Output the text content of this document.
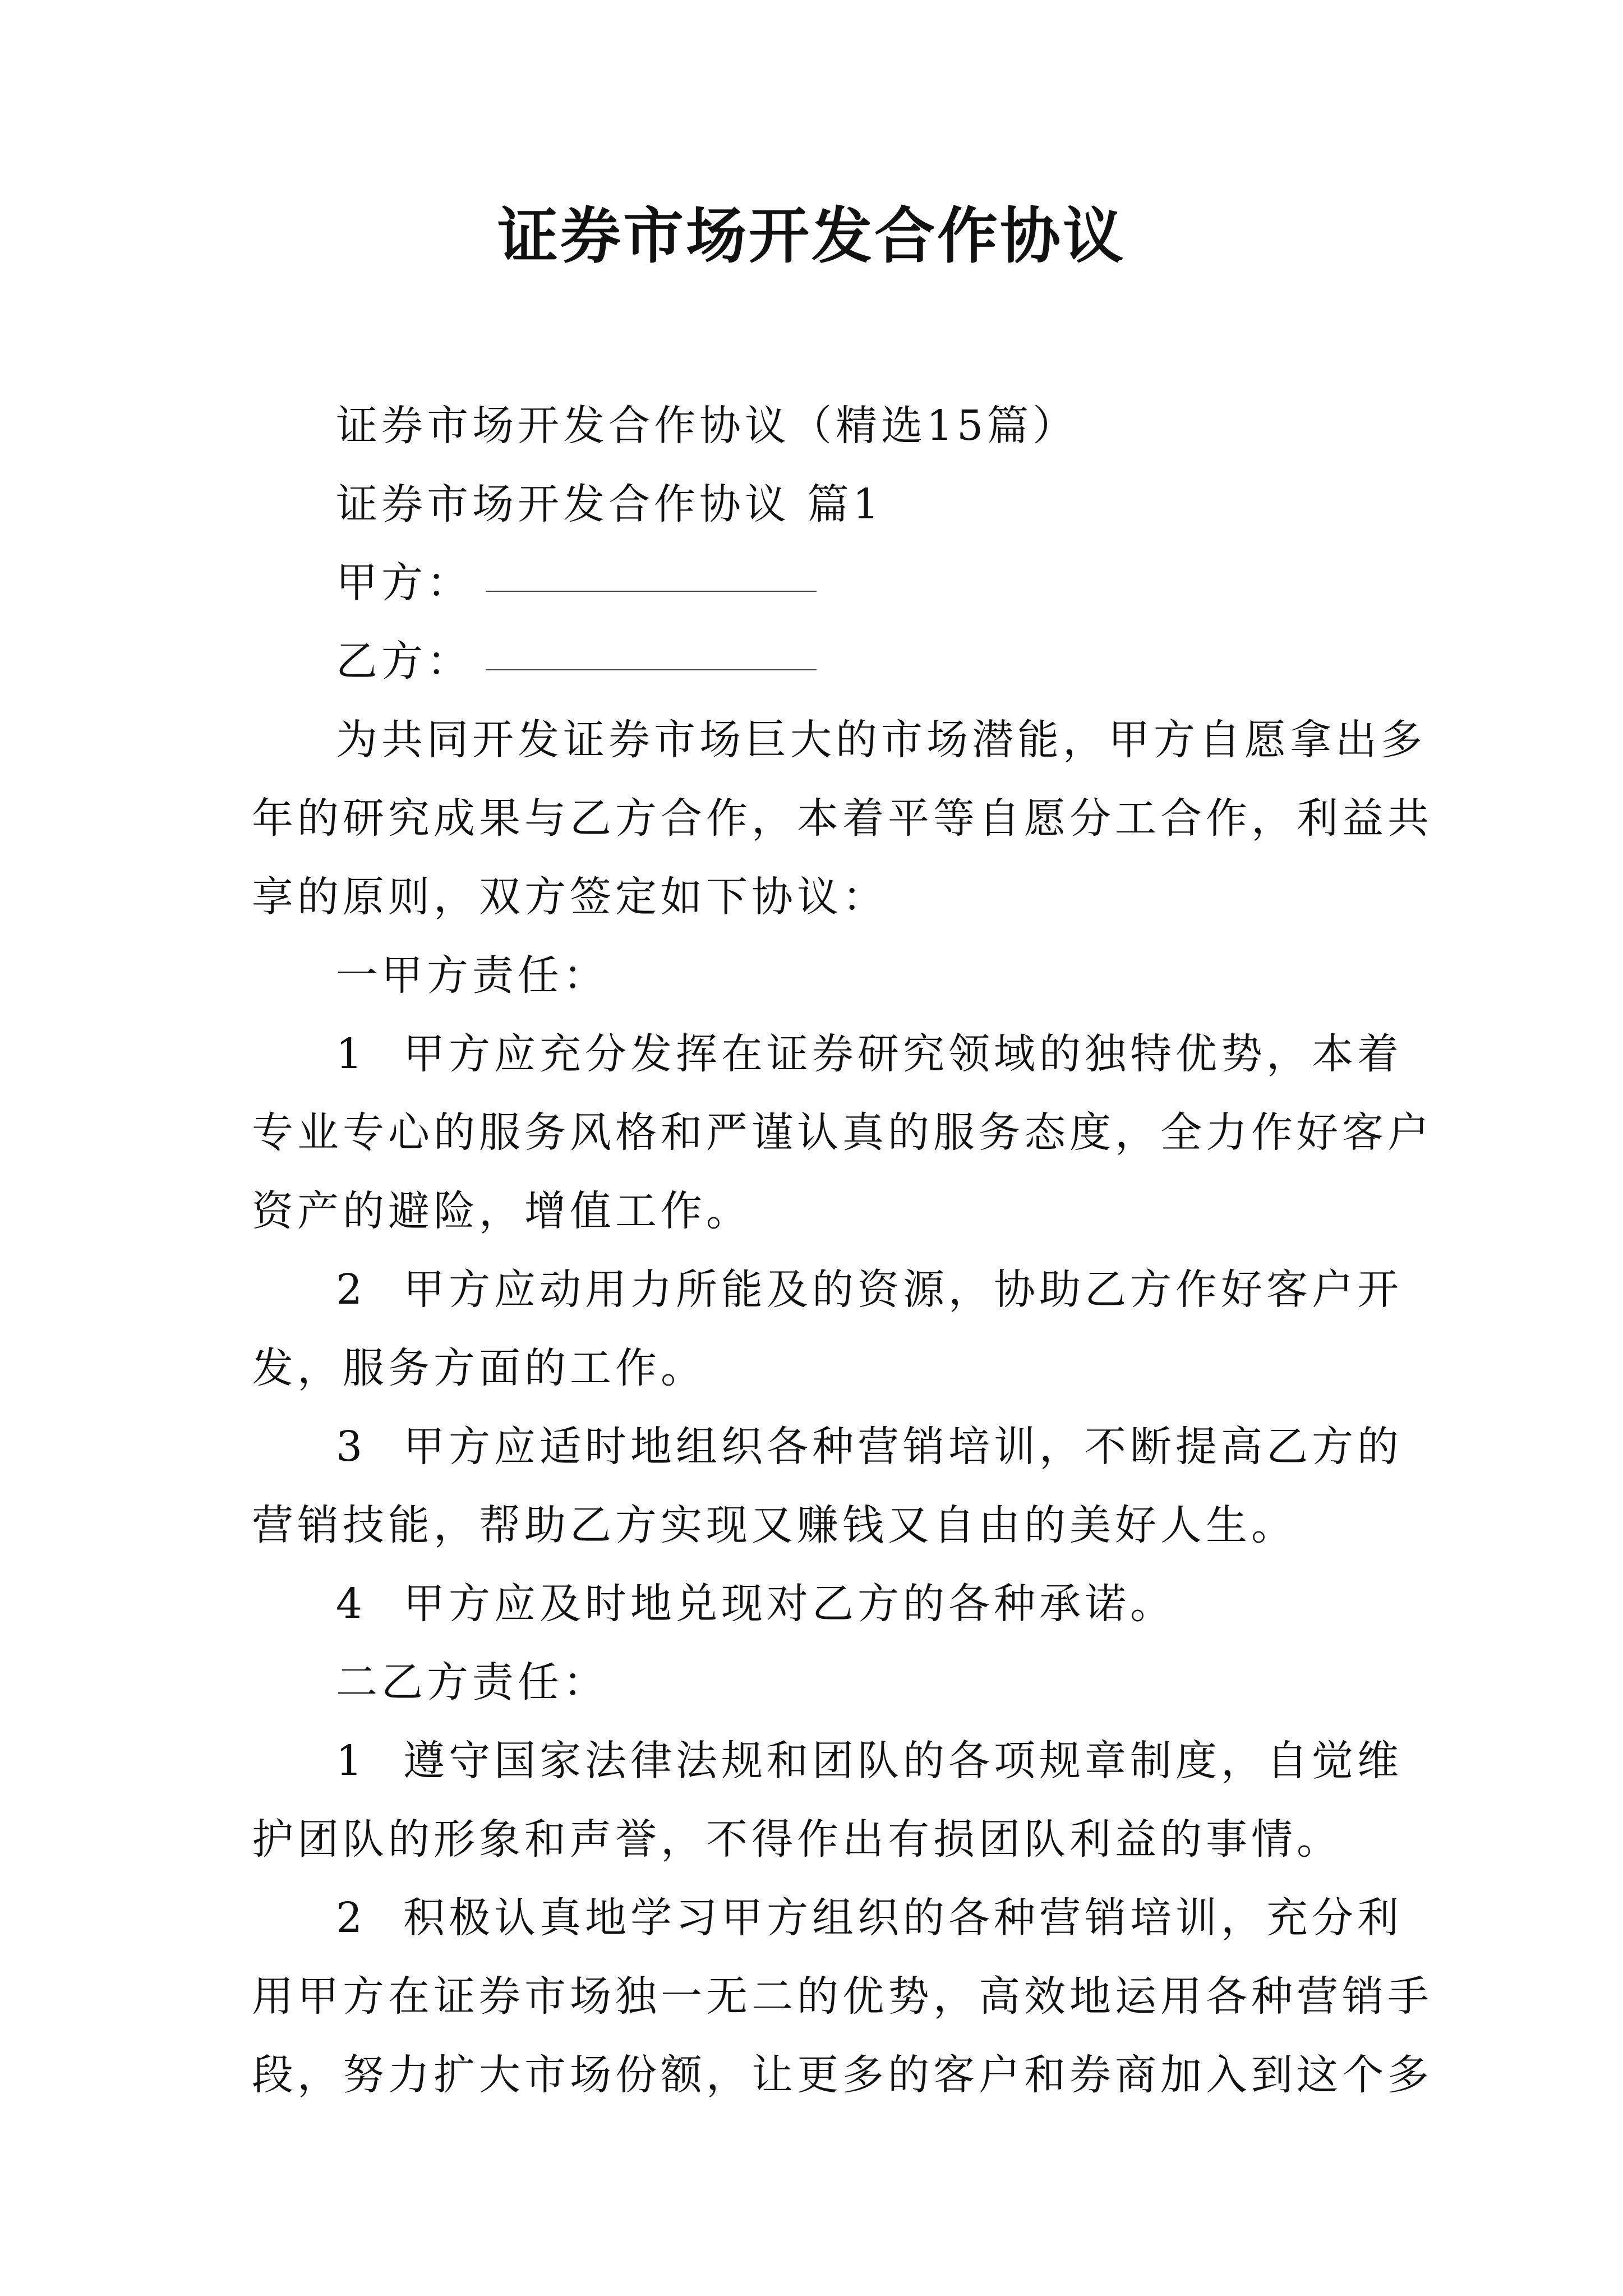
证券市场开发合作协议
证券市场开发合作协议（精选15篇）
证券市场开发合作协议 篇1
甲方：
乙方：
为共同开发证券市场巨大的市场潜能，甲方自愿拿出多
年的研究成果与乙方合作，本着平等自愿分工合作，利益共
享的原则，双方签定如下协议：
一甲方责任：
1 甲方应充分发挥在证券研究领域的独特优势，本着
专业专心的服务风格和严谨认真的服务态度，全力作好客户
资产的避险，增值工作。
2 甲方应动用力所能及的资源，协助乙方作好客户开
发，服务方面的工作。
3 甲方应适时地组织各种营销培训，不断提高乙方的
营销技能，帮助乙方实现又赚钱又自由的美好人生。
4 甲方应及时地兑现对乙方的各种承诺。
二乙方责任：
1 遵守国家法律法规和团队的各项规章制度，自觉维
护团队的形象和声誉，不得作出有损团队利益的事情。
2 积极认真地学习甲方组织的各种营销培训，充分利
用甲方在证券市场独一无二的优势，高效地运用各种营销手
段，努力扩大市场份额，让更多的客户和券商加入到这个多
